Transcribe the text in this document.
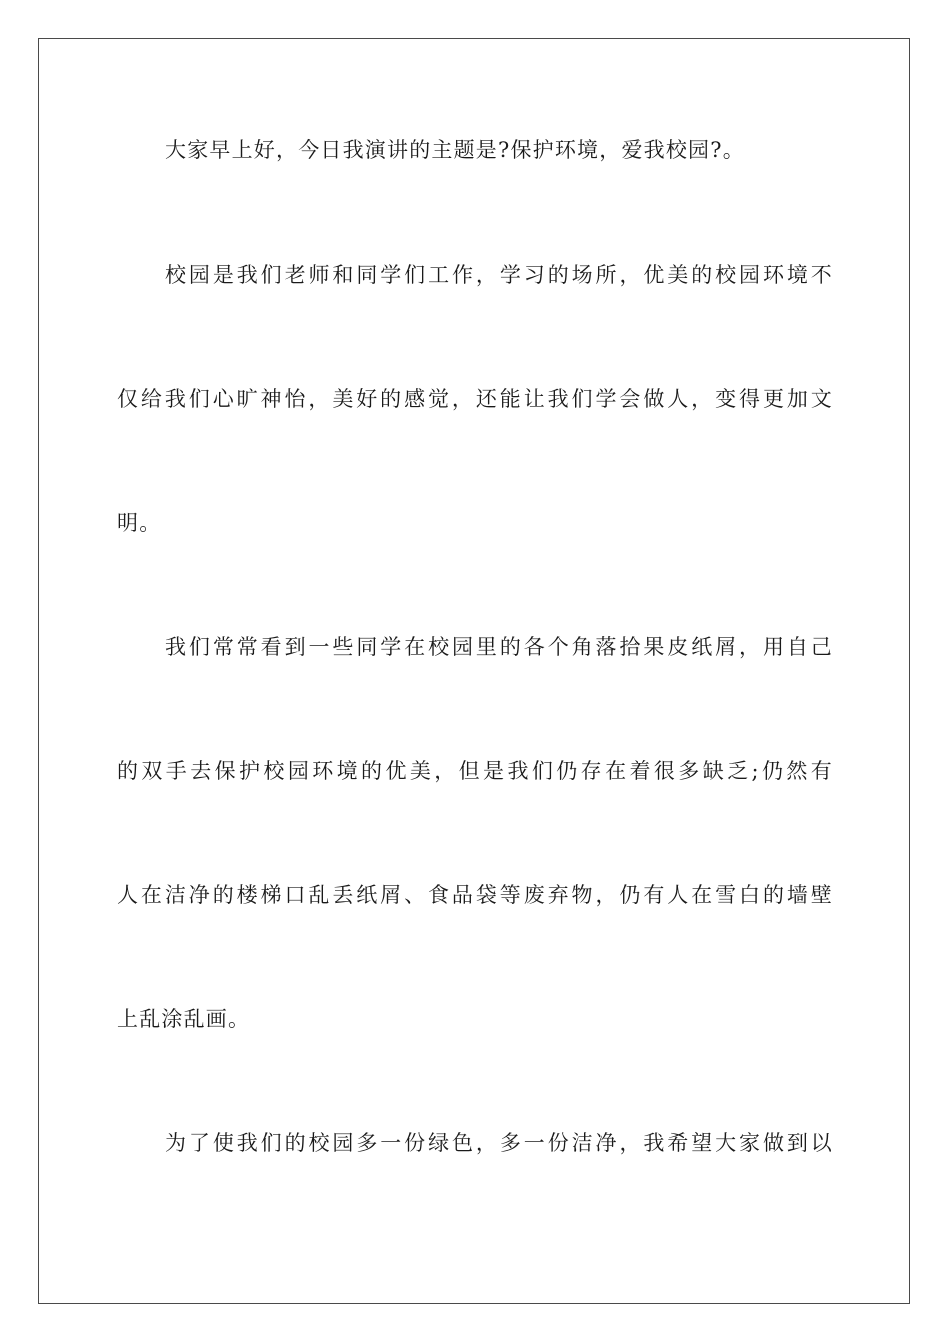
大家早上好，今日我演讲的主题是?保护环境，爱我校园?。
校园是我们老师和同学们工作，学习的场所，优美的校园环境不
仅给我们心旷神怡，美好的感觉，还能让我们学会做人，变得更加文
明。
我们常常看到一些同学在校园里的各个角落拾果皮纸屑，用自己
的双手去保护校园环境的优美，但是我们仍存在着很多缺乏;仍然有
人在洁净的楼梯口乱丢纸屑、食品袋等废弃物，仍有人在雪白的墙壁
上乱涂乱画。
为了使我们的校园多一份绿色，多一份洁净，我希望大家做到以
